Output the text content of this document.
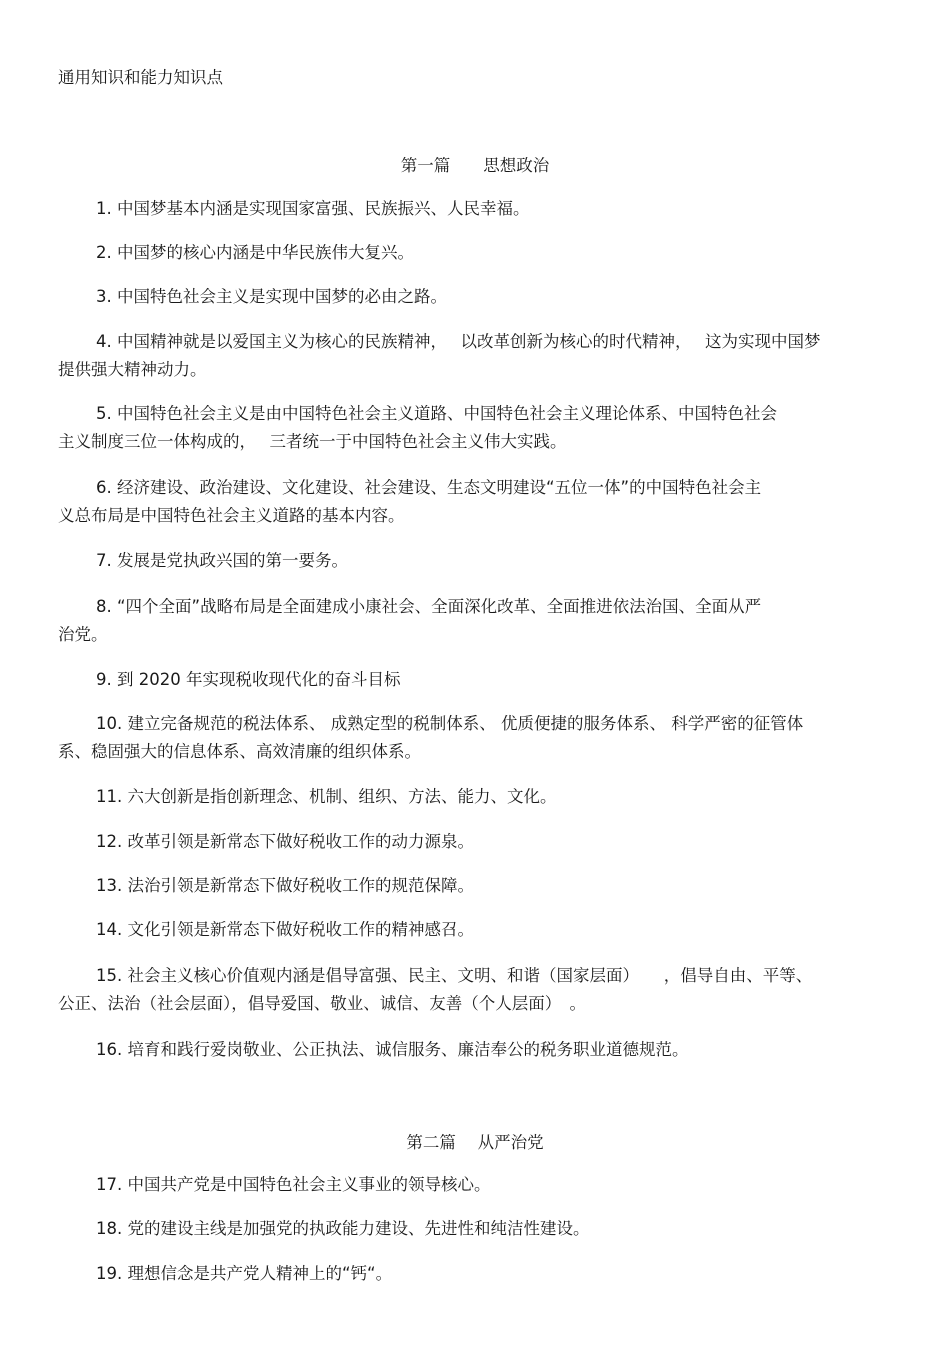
通用知识和能力知识点
第一篇　　思想政治
1. 中国梦基本内涵是实现国家富强、民族振兴、人民幸福。
2. 中国梦的核心内涵是中华民族伟大复兴。
3. 中国特色社会主义是实现中国梦的必由之路。
4. 中国精神就是以爱国主义为核心的民族精神，　 以改革创新为核心的时代精神，　 这为实现中国梦
提供强大精神动力。
5. 中国特色社会主义是由中国特色社会主义道路、中国特色社会主义理论体系、中国特色社会
主义制度三位一体构成的，　 三者统一于中国特色社会主义伟大实践。
6. 经济建设、政治建设、文化建设、社会建设、生态文明建设“五位一体”的中国特色社会主
义总布局是中国特色社会主义道路的基本内容。
7. 发展是党执政兴国的第一要务。
8. “四个全面”战略布局是全面建成小康社会、全面深化改革、全面推进依法治国、全面从严
治党。
9. 到 2020 年实现税收现代化的奋斗目标
10. 建立完备规范的税法体系、 成熟定型的税制体系、 优质便捷的服务体系、 科学严密的征管体
系、稳固强大的信息体系、高效清廉的组织体系。
11. 六大创新是指创新理念、机制、组织、方法、能力、文化。
12. 改革引领是新常态下做好税收工作的动力源泉。
13. 法治引领是新常态下做好税收工作的规范保障。
14. 文化引领是新常态下做好税收工作的精神感召。
15. 社会主义核心价值观内涵是倡导富强、民主、文明、和谐（国家层面）　　，倡导自由、平等、
公正、法治（社会层面），倡导爱国、敬业、诚信、友善（个人层面）　。
16. 培育和践行爱岗敬业、公正执法、诚信服务、廉洁奉公的税务职业道德规范。
第二篇　 从严治党
17. 中国共产党是中国特色社会主义事业的领导核心。
18. 党的建设主线是加强党的执政能力建设、先进性和纯洁性建设。
19. 理想信念是共产党人精神上的“钙“。
